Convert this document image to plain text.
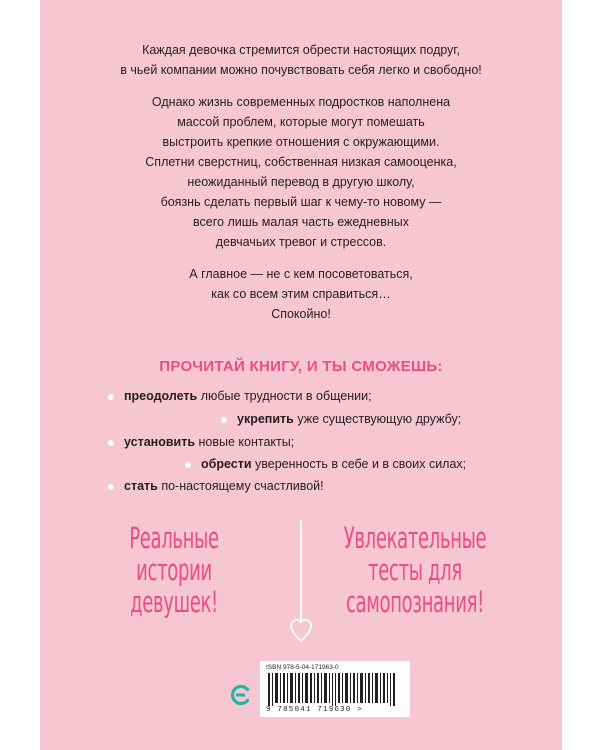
Каждая девочка стремится обрести настоящих подруг,
в чьей компании можно почувствовать себя легко и свободно!

Однако жизнь современных подростков наполнена
массой проблем, которые могут помешать
выстроить крепкие отношения с окружающими.
Сплетни сверстниц, собственная низкая самооценка,
неожиданный перевод в другую школу,
боязнь сделать первый шаг к чему-то новому —
всего лишь малая часть ежедневных
девчачьих тревог и стрессов.

А главное — не с кем посоветоваться,
как со всем этим справиться…
Спокойно!

ПРОЧИТАЙ КНИГУ, И ТЫ СМОЖЕШЬ:
преодолеть любые трудности в общении;
укрепить уже существующую дружбу;
установить новые контакты;
обрести уверенность в себе и в своих силах;
стать по-настоящему счастливой!
Реальные
истории
девушек!
Увлекательные
тесты для
самопознания!
ISBN 978-5-04-171963-0
9 785041 719630 >
